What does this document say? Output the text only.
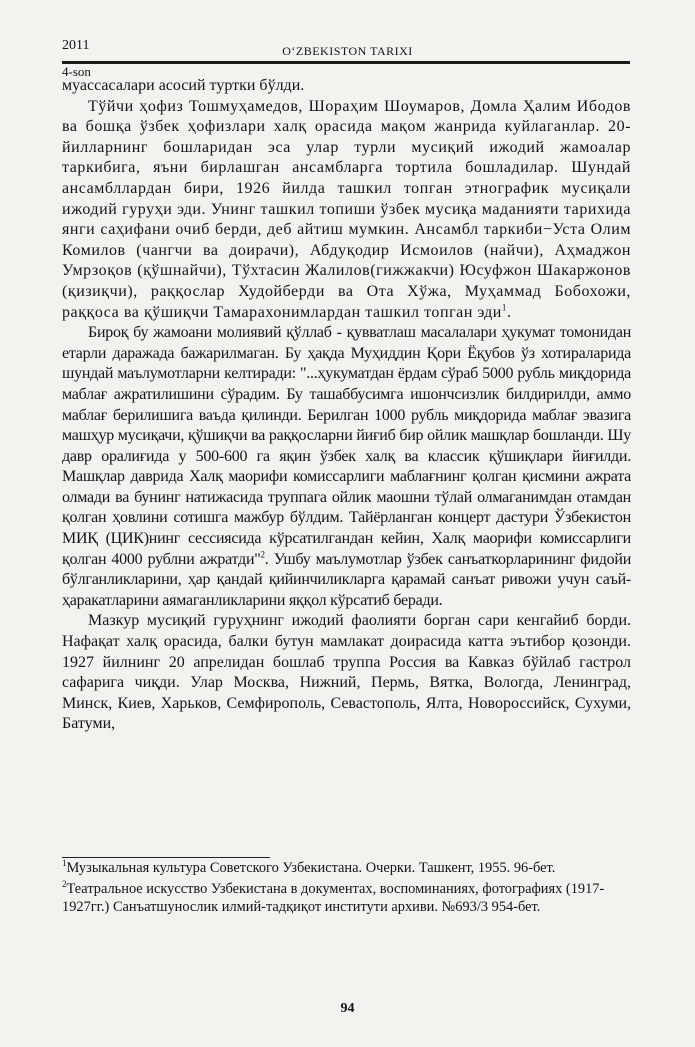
2011	O‘ZBEKISTON TARIXI
4-son

муассасалари асосий туртки бўлди.

Тўйчи ҳофиз Тошмуҳамедов, Шораҳим Шоумаров, Домла Ҳалим Ибодов ва бошқа ўзбек ҳофизлари халқ орасида мақом жанрида куйлаганлар. 20-йилларнинг бошларидан эса улар турли мусиқий ижодий жамоалар таркибига, яъни бирлашган ансамбларга тортила бошладилар. Шундай ансамбллардан бири, 1926 йилда ташкил топган этнографик мусиқали ижодий гуруҳи эди. Унинг ташкил топиши ўзбек мусиқа маданияти тарихида янги саҳифани очиб берди, деб айтиш мумкин. Ансамбл таркиби−Уста Олим Комилов (чангчи ва доирачи), Абдуқодир Исмоилов (найчи), Аҳмаджон Умрзоқов (қўшнайчи), Тўхтасин Жалилов(гижжакчи) Юсуфжон Шакаржонов (қизиқчи), раққослар Худойберди ва Ота Хўжа, Муҳаммад Бобохожи, раққоса ва қўшиқчи Тамарахонимлардан ташкил топган эди$^1$.

Бироқ бу жамоани молиявий қўллаб - қувватлаш масалалари ҳукумат томонидан етарли даражада бажарилмаган. Бу ҳақда Муҳиддин Қори Ёқубов ўз хотираларида шундай маълумотларни келтиради: "...ҳукуматдан ёрдам сўраб 5000 рубль миқдорида маблағ ажратилишини сўрадим. Бу ташаббусимга ишончсизлик билдирилди, аммо маблағ берилишига ваъда қилинди. Берилган 1000 рубль миқдорида маблағ эвазига машҳур мусиқачи, қўшиқчи ва раққосларни йиғиб бир ойлик машқлар бошланди. Шу давр оралиғида у 500-600 га яқин ўзбек халқ ва классик қўшиқлари йиғилди. Машқлар даврида Халқ маорифи комиссарлиги маблағнинг қолган қисмини ажрата олмади ва бунинг натижасида труппага ойлик маошни тўлай олмаганимдан отамдан қолган ҳовлини сотишга мажбур бўлдим. Тайёрланган концерт дастури Ўзбекистон МИҚ (ЦИК)нинг сессиясида кўрсатилгандан кейин, Халқ маорифи комиссарлиги қолган 4000 рублни ажратди"$^2$. Ушбу маълумотлар ўзбек санъаткорларининг фидойи бўлганликларини, ҳар қандай қийинчиликларга қарамай санъат ривожи учун саъй-ҳаракатларини аямаганликларини яққол кўрсатиб беради.

Мазкур мусиқий гуруҳнинг ижодий фаолияти борган сари кенгайиб борди. Нафақат халқ орасида, балки бутун мамлакат доирасида катта эътибор қозонди. 1927 йилнинг 20 апрелидан бошлаб труппа Россия ва Кавказ бўйлаб гастрол сафарига чиқди. Улар Москва, Нижний, Пермь, Вятка, Вологда, Ленинград, Минск, Киев, Харьков, Семфирополь, Севастополь, Ялта, Новороссийск, Сухуми, Батуми,

$^1$Музыкальная культура Советского Узбекистана. Очерки. Ташкент, 1955. 96-бет.

$^2$Театральное искусство Узбекистана в документах, воспоминаниях, фотографиях (1917-1927гг.) Санъатшунослик илмий-тадқиқот институти архиви. №693/3 954-бет.

94
